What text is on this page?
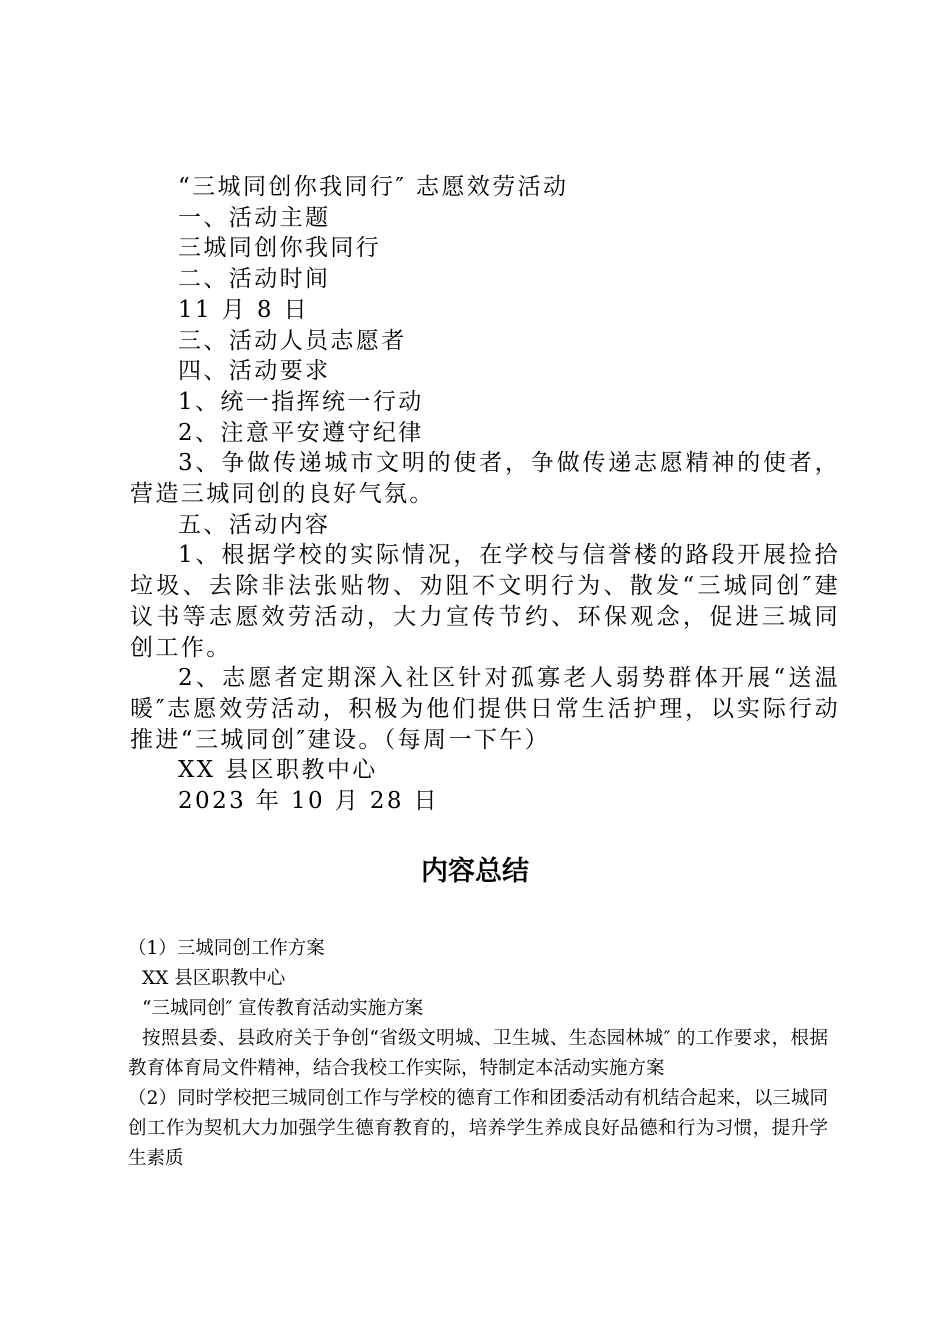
“三城同创你我同行″ 志愿效劳活动

一、活动主题

三城同创你我同行

二、活动时间

11 月 8 日

三、活动人员志愿者

四、活动要求

1、统一指挥统一行动

2、注意平安遵守纪律

3、争做传递城市文明的使者，争做传递志愿精神的使者，营造三城同创的良好气氛。

五、活动内容

1、根据学校的实际情况，在学校与信誉楼的路段开展捡拾垃圾、去除非法张贴物、劝阻不文明行为、散发“三城同创″建议书等志愿效劳活动，大力宣传节约、环保观念，促进三城同创工作。

2、志愿者定期深入社区针对孤寡老人弱势群体开展“送温暖″志愿效劳活动，积极为他们提供日常生活护理，以实际行动推进“三城同创″建设。（每周一下午）

XX 县区职教中心

2023 年 10 月 28 日

内容总结

（1）三城同创工作方案

XX 县区职教中心

“三城同创″ 宣传教育活动实施方案

按照县委、县政府关于争创“省级文明城、卫生城、生态园林城″ 的工作要求，根据教育体育局文件精神，结合我校工作实际，特制定本活动实施方案

（2）同时学校把三城同创工作与学校的德育工作和团委活动有机结合起来，以三城同创工作为契机大力加强学生德育教育的，培养学生养成良好品德和行为习惯，提升学生素质
